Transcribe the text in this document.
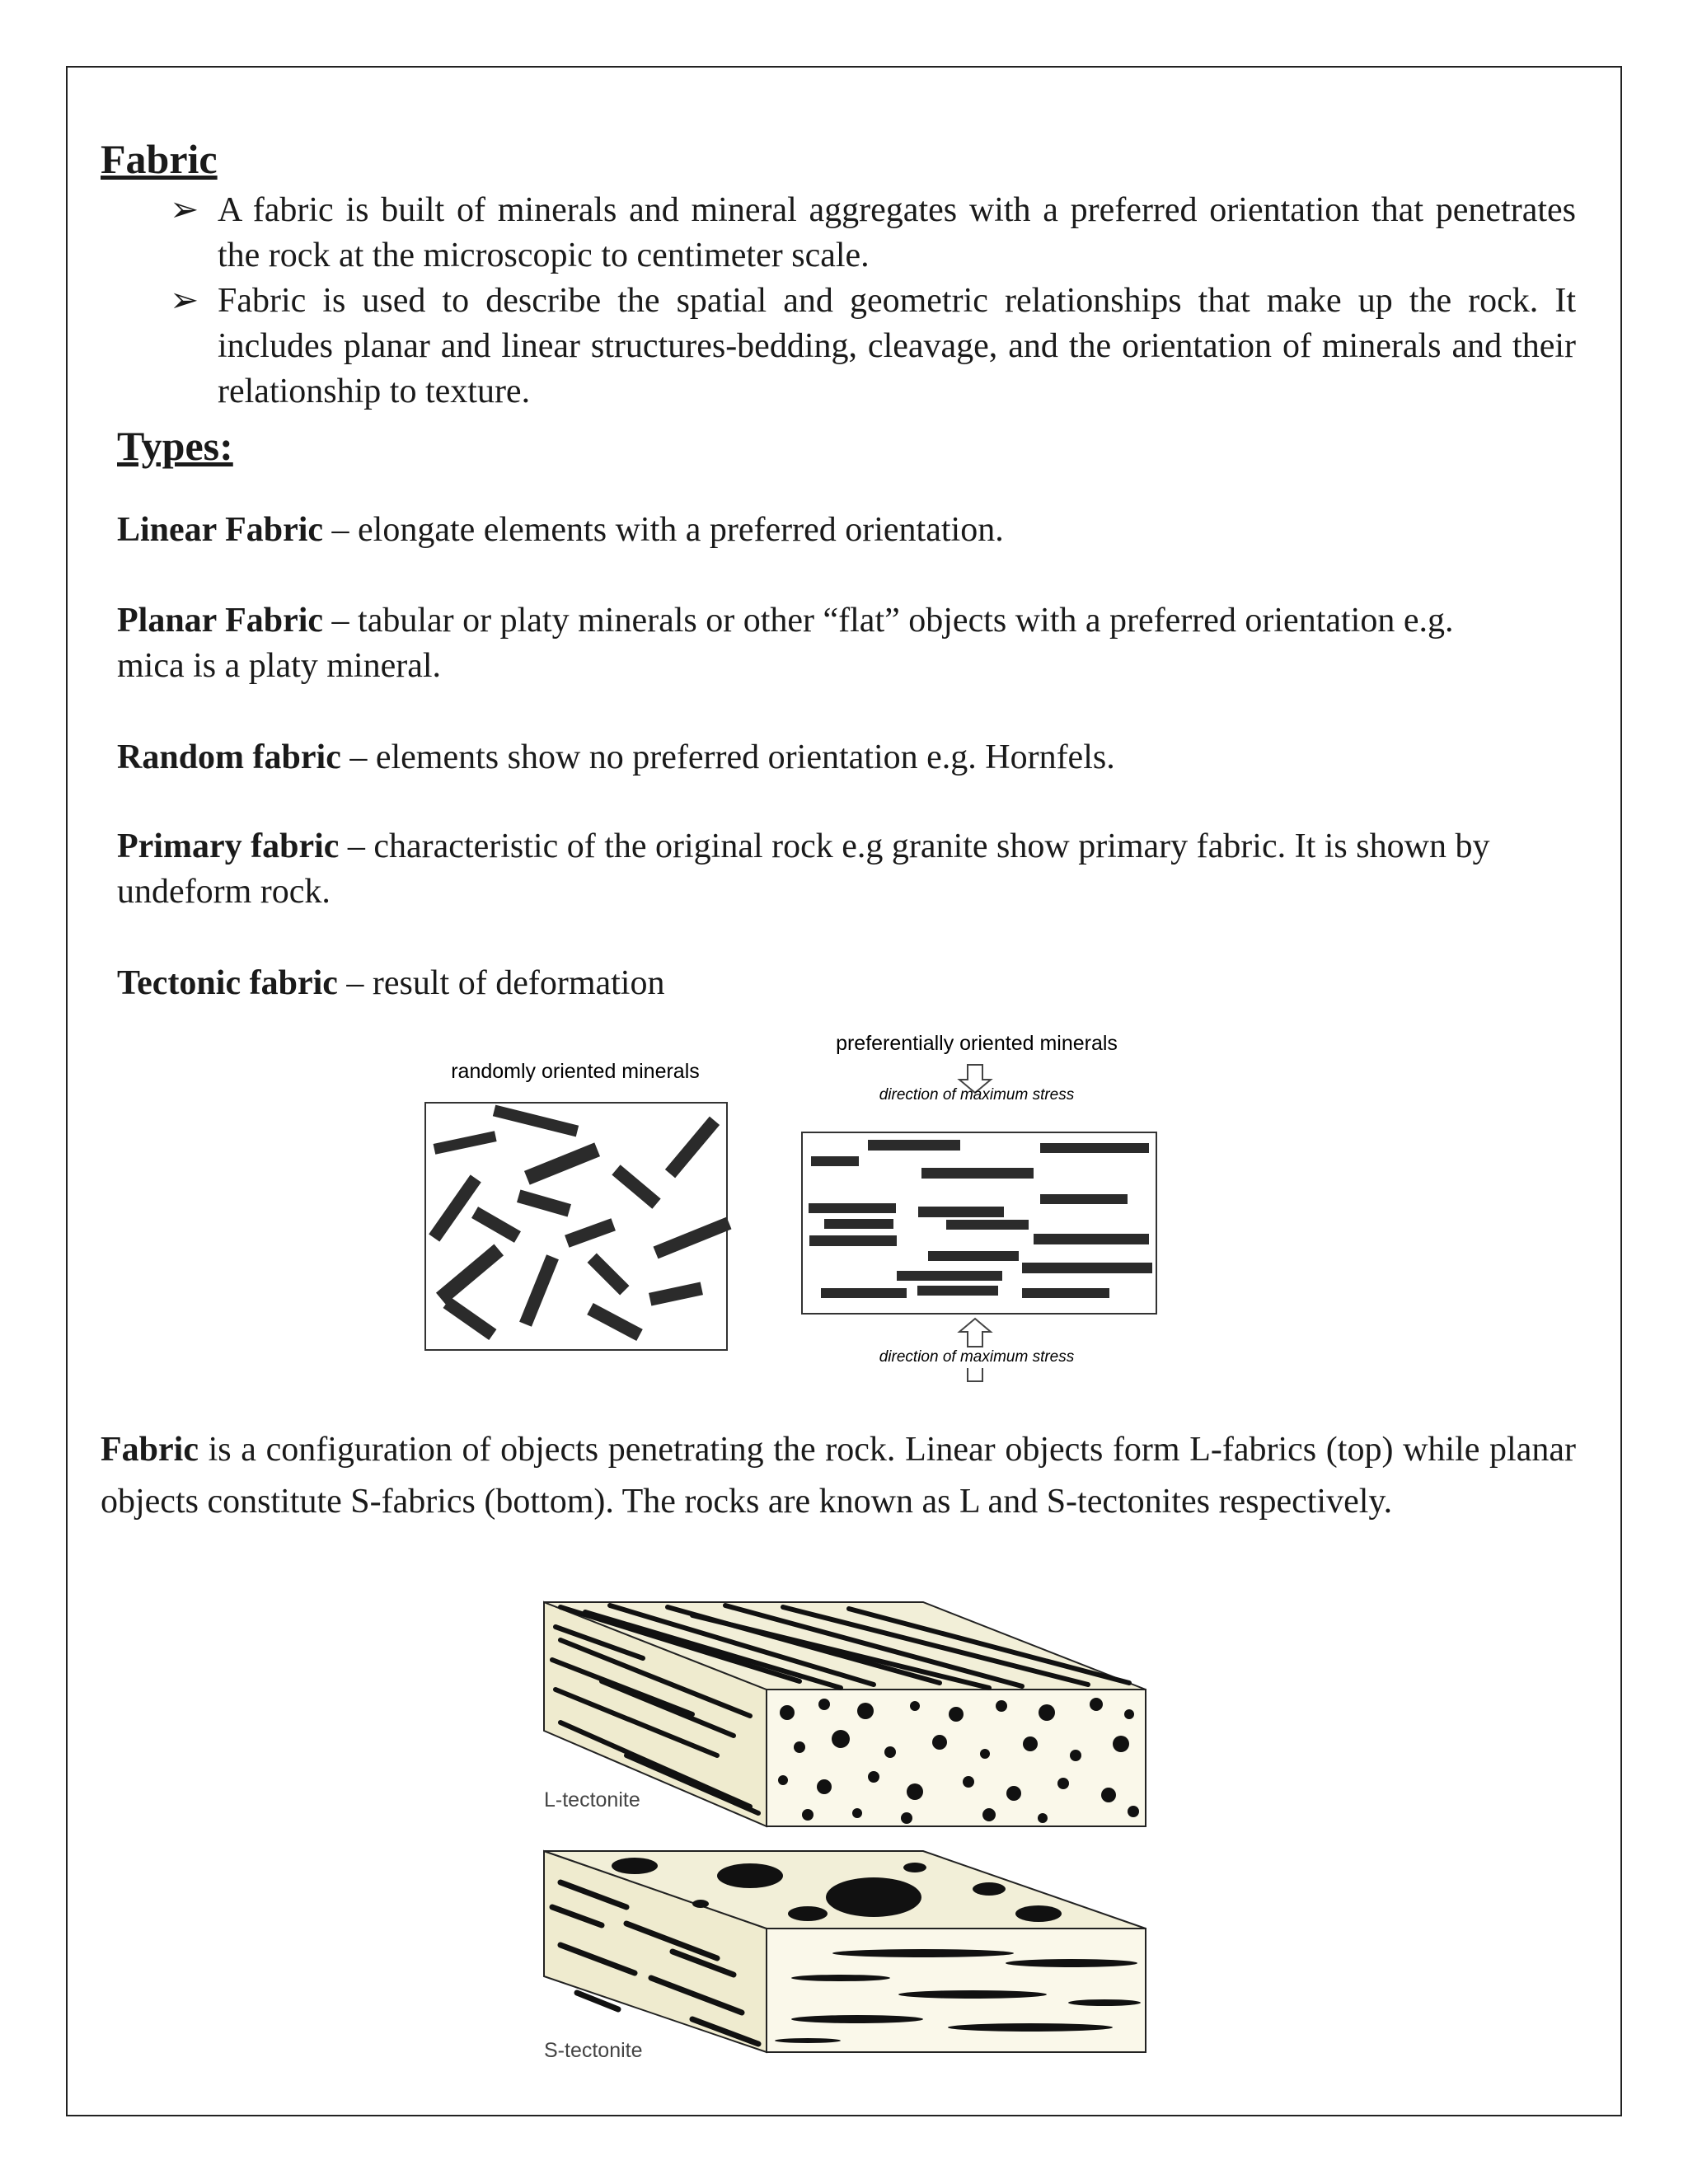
Fabric
➢ A fabric is built of minerals and mineral aggregates with a preferred orientation that penetrates the rock at the microscopic to centimeter scale.
➢ Fabric is used to describe the spatial and geometric relationships that make up the rock. It includes planar and linear structures-bedding, cleavage, and the orientation of minerals and their relationship to texture.
Types:
Linear Fabric – elongate elements with a preferred orientation.
Planar Fabric – tabular or platy minerals or other “flat” objects with a preferred orientation e.g. mica is a platy mineral.
Random fabric – elements show no preferred orientation e.g. Hornfels.
Primary fabric – characteristic of the original rock e.g granite show primary fabric. It is shown by undeform rock.
Tectonic fabric – result of deformation
randomly oriented minerals
preferentially oriented minerals
direction of maximum stress
direction of maximum stress
Fabric is a configuration of objects penetrating the rock. Linear objects form L-fabrics (top) while planar objects constitute S-fabrics (bottom). The rocks are known as L and S-tectonites respectively.
L-tectonite
S-tectonite
